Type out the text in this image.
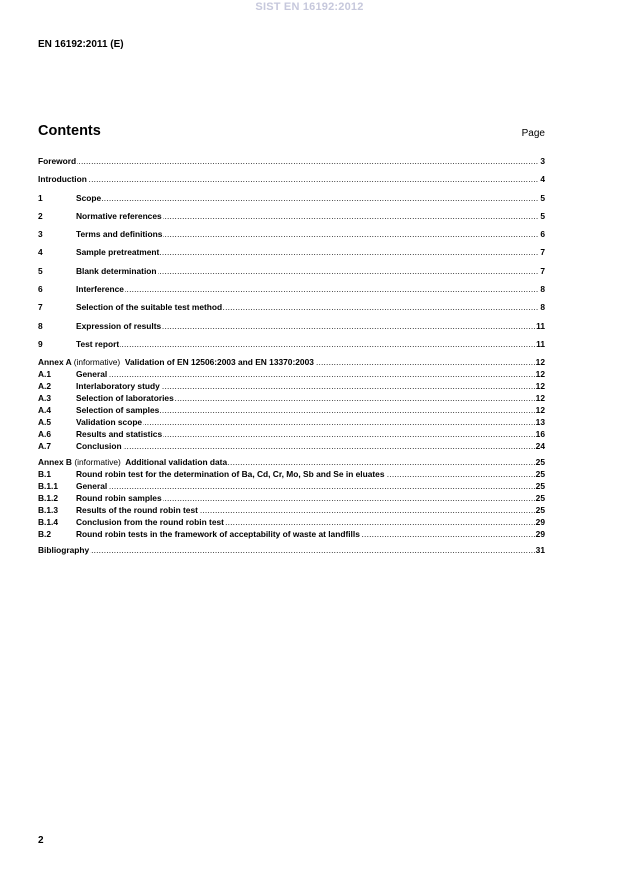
SIST EN 16192:2012
EN 16192:2011 (E)
Contents	Page
Foreword .....	3
Introduction .....	4
1	Scope .....	5
2	Normative references .....	5
3	Terms and definitions .....	6
4	Sample pretreatment .....	7
5	Blank determination .....	7
6	Interference .....	8
7	Selection of the suitable test method .....	8
8	Expression of results .....	11
9	Test report .....	11
Annex A (informative) Validation of EN 12506:2003 and EN 13370:2003 .....	12
A.1	General .....	12
A.2	Interlaboratory study .....	12
A.3	Selection of laboratories .....	12
A.4	Selection of samples .....	12
A.5	Validation scope .....	13
A.6	Results and statistics .....	16
A.7	Conclusion .....	24
Annex B (informative) Additional validation data .....	25
B.1	Round robin test for the determination of Ba, Cd, Cr, Mo, Sb and Se in eluates .....	25
B.1.1	General .....	25
B.1.2	Round robin samples .....	25
B.1.3	Results of the round robin test .....	25
B.1.4	Conclusion from the round robin test .....	29
B.2	Round robin tests in the framework of acceptability of waste at landfills .....	29
Bibliography .....	31
2
